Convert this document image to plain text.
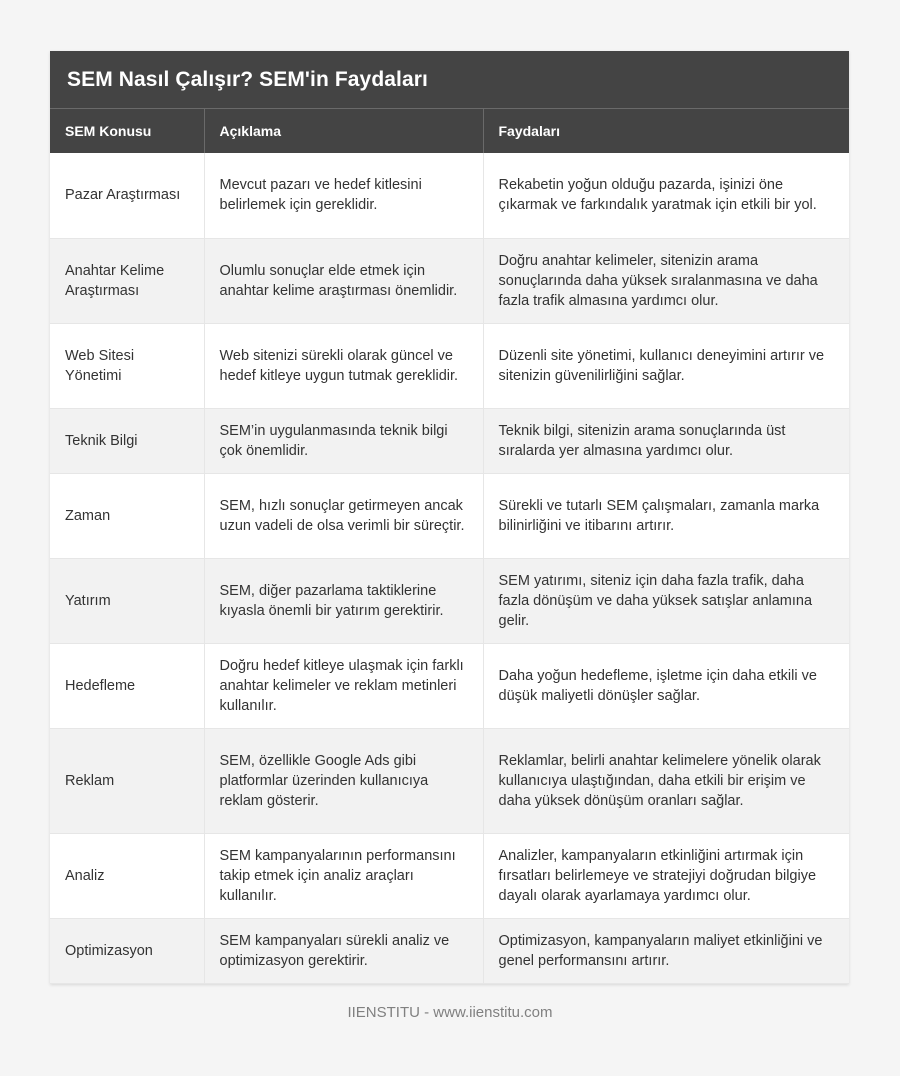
SEM Nasıl Çalışır? SEM'in Faydaları
SEM Konusu	Açıklama	Faydaları
Pazar Araştırması	Mevcut pazarı ve hedef kitlesini belirlemek için gereklidir.	Rekabetin yoğun olduğu pazarda, işinizi öne çıkarmak ve farkındalık yaratmak için etkili bir yol.
Anahtar Kelime Araştırması	Olumlu sonuçlar elde etmek için anahtar kelime araştırması önemlidir.	Doğru anahtar kelimeler, sitenizin arama sonuçlarında daha yüksek sıralanmasına ve daha fazla trafik almasına yardımcı olur.
Web Sitesi Yönetimi	Web sitenizi sürekli olarak güncel ve hedef kitleye uygun tutmak gereklidir.	Düzenli site yönetimi, kullanıcı deneyimini artırır ve sitenizin güvenilirliğini sağlar.
Teknik Bilgi	SEM’in uygulanmasında teknik bilgi çok önemlidir.	Teknik bilgi, sitenizin arama sonuçlarında üst sıralarda yer almasına yardımcı olur.
Zaman	SEM, hızlı sonuçlar getirmeyen ancak uzun vadeli de olsa verimli bir süreçtir.	Sürekli ve tutarlı SEM çalışmaları, zamanla marka bilinirliğini ve itibarını artırır.
Yatırım	SEM, diğer pazarlama taktiklerine kıyasla önemli bir yatırım gerektirir.	SEM yatırımı, siteniz için daha fazla trafik, daha fazla dönüşüm ve daha yüksek satışlar anlamına gelir.
Hedefleme	Doğru hedef kitleye ulaşmak için farklı anahtar kelimeler ve reklam metinleri kullanılır.	Daha yoğun hedefleme, işletme için daha etkili ve düşük maliyetli dönüşler sağlar.
Reklam	SEM, özellikle Google Ads gibi platformlar üzerinden kullanıcıya reklam gösterir.	Reklamlar, belirli anahtar kelimelere yönelik olarak kullanıcıya ulaştığından, daha etkili bir erişim ve daha yüksek dönüşüm oranları sağlar.
Analiz	SEM kampanyalarının performansını takip etmek için analiz araçları kullanılır.	Analizler, kampanyaların etkinliğini artırmak için fırsatları belirlemeye ve stratejiyi doğrudan bilgiye dayalı olarak ayarlamaya yardımcı olur.
Optimizasyon	SEM kampanyaları sürekli analiz ve optimizasyon gerektirir.	Optimizasyon, kampanyaların maliyet etkinliğini ve genel performansını artırır.
IIENSTITU - www.iienstitu.com
